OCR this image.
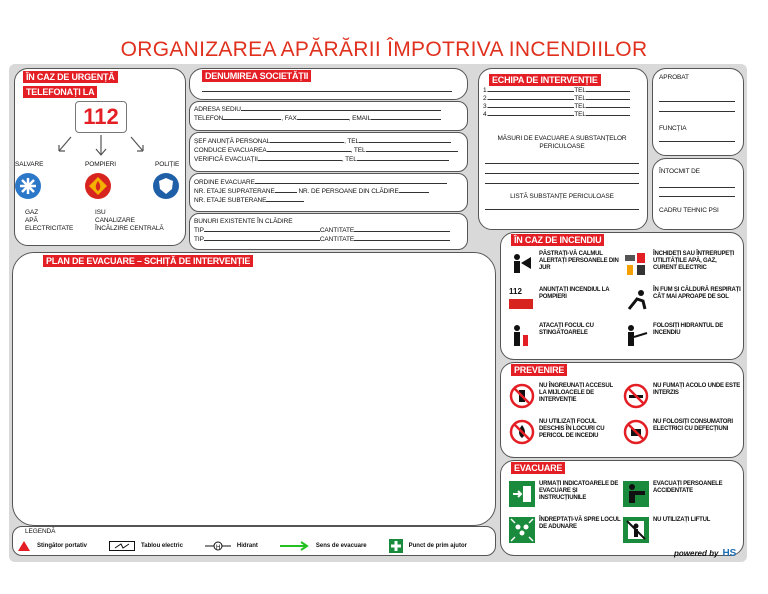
ORGANIZAREA APĂRĂRII ÎMPOTRIVA INCENDIILOR
ÎN CAZ DE URGENȚĂ
TELEFONAȚI LA
112
SALVARE	POMPIERI	POLIȚIE
GAZ
APĂ
ELECTRICITATE
ISU
CANALIZARE
ÎNCĂLZIRE CENTRALĂ
DENUMIREA SOCIETĂȚII
ADRESA SEDIU
TELEFON	, FAX	, EMAIL
ȘEF ANUNȚĂ PERSONAL	, TEL
CONDUCE EVACUAREA	, TEL
VERIFICĂ EVACUAȚII	, TEL
ORDINE EVACUARE
NR. ETAJE SUPRATERANE	NR. DE PERSOANE DIN CLĂDIRE
NR. ETAJE SUBTERANE
BUNURI EXISTENTE ÎN CLĂDIRE
TIP	CANTITATE
TIP	CANTITATE
ECHIPA DE INTERVENȚIE
1.	TEL
2.	TEL
3.	TEL
4.	TEL
MĂSURI DE EVACUARE A SUBSTANȚELOR PERICULOASE
LISTĂ SUBSTANȚE PERICULOASE
APROBAT
FUNCȚIA
ÎNTOCMIT DE
CADRU TEHNIC PSI
PLAN DE EVACUARE – SCHIȚĂ DE INTERVENȚIE
ÎN CAZ DE INCENDIU
PĂSTRAȚI-VĂ CALMUL ALERTAȚI PERSOANELE DIN JUR
ÎNCHIDEȚI SAU ÎNTRERUPEȚI UTILITĂȚILE APĂ, GAZ, CURENT ELECTRIC
112	ANUNȚAȚI INCENDIUL LA POMPIERI
ÎN FUM ȘI CĂLDURĂ RESPIRAȚI CÂT MAI APROAPE DE SOL
ATACAȚI FOCUL CU STINGĂTOARELE
FOLOSIȚI HIDRANTUL DE INCENDIU
PREVENIRE
NU ÎNGREUNAȚI ACCESUL LA MIJLOACELE DE INTERVENȚIE
NU FUMAȚI ACOLO UNDE ESTE INTERZIS
NU UTILIZAȚI FOCUL DESCHIS ÎN LOCURI CU PERICOL DE INCEDIU
NU FOLOSIȚI CONSUMATORI ELECTRICI CU DEFECȚIUNI
EVACUARE
URMAȚI INDICATOARELE DE EVACUARE ȘI INSTRUCȚIUNILE
EVACUAȚI PERSOANELE ACCIDENTATE
ÎNDREPTAȚI-VĂ SPRE LOCUL DE ADUNARE
NU UTILIZAȚI LIFTUL
LEGENDĂ
Stingător portativ	Tablou electric	H	Hidrant	Sens de evacuare	Punct de prim ajutor
powered by HS
